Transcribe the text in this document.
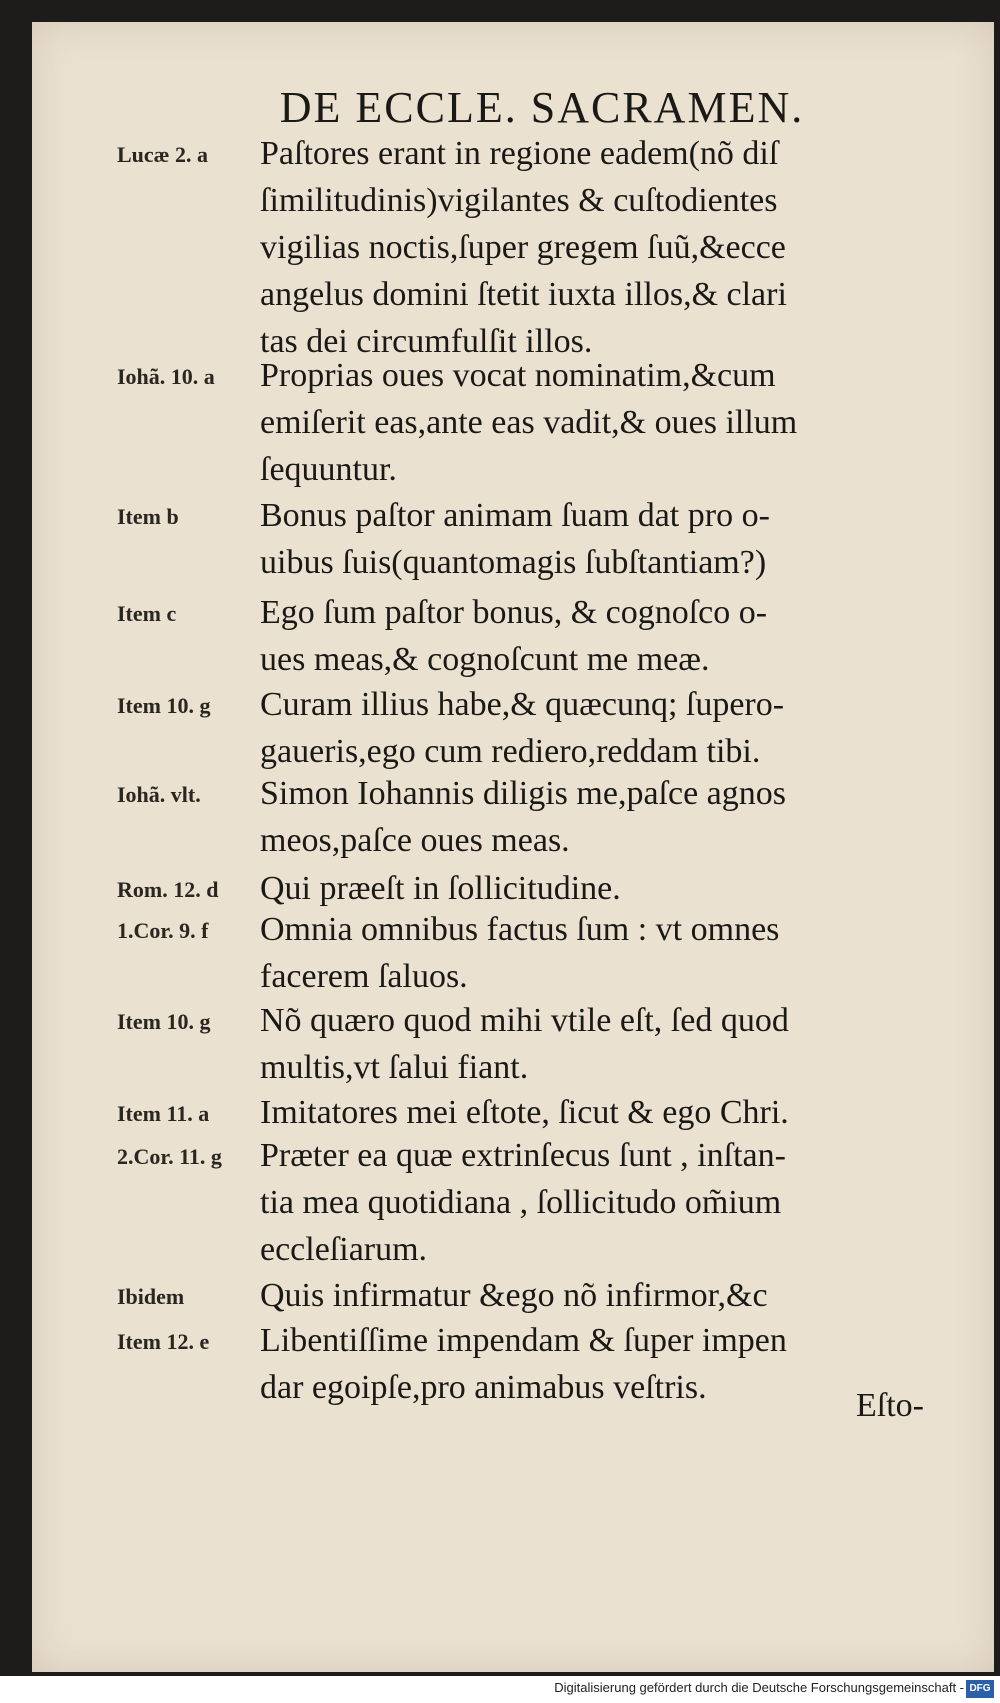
DE ECCLE. SACRAMEN.
Lucæ 2. a	Paſtores erant in regione eadem(nõ diſ
ſimilitudinis)vigilantes & cuſtodientes
vigilias noctis,ſuper gregem ſuũ,&ecce
angelus domini ſtetit iuxta illos,& clari
tas dei circumfulſit illos.
Iohã. 10. a	Proprias oues vocat nominatim,&cum
emiſerit eas,ante eas vadit,& oues illum
ſequuntur.
Item b	Bonus paſtor animam ſuam dat pro o-
uibus ſuis(quantomagis ſubſtantiam?)
Item c	Ego ſum paſtor bonus, & cognoſco o-
ues meas,& cognoſcunt me meæ.
Item 10. g	Curam illius habe,& quæcunq; ſupero-
gaueris,ego cum rediero,reddam tibi.
Iohã. vlt.	Simon Iohannis diligis me,paſce agnos
meos,paſce oues meas.
Rom. 12. d	Qui præeſt in ſollicitudine.
1.Cor. 9. f	Omnia omnibus factus ſum : vt omnes
facerem ſaluos.
Item 10. g	Nõ quæro quod mihi vtile eſt, ſed quod
multis,vt ſalui fiant.
Item 11. a	Imitatores mei eſtote, ſicut & ego Chri.
2.Cor. 11. g	Præter ea quæ extrinſecus ſunt , inſtan-
tia mea quotidiana , ſollicitudo om̃ium
eccleſiarum.
Ibidem	Quis infirmatur &ego nõ infirmor,&c
Item 12. e	Libentiſſime impendam & ſuper impen
dar egoipſe,pro animabus veſtris.	Eſto-
Digitalisierung gefördert durch die Deutsche Forschungsgemeinschaft - DFG
